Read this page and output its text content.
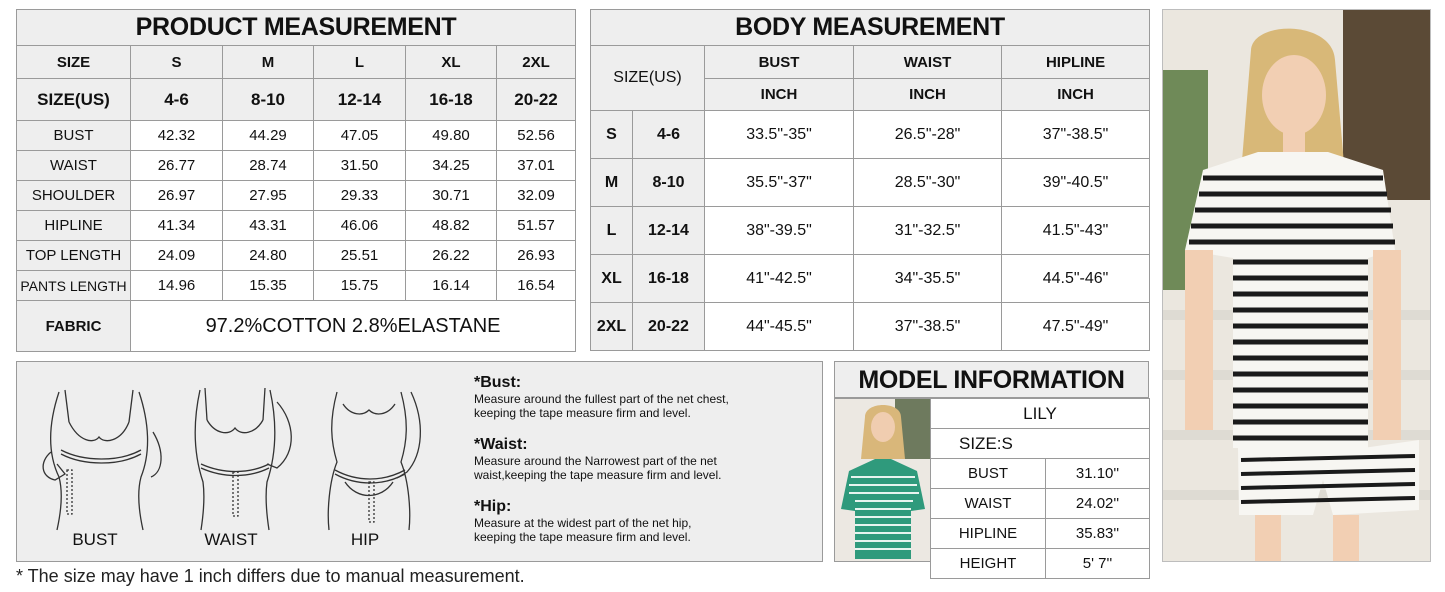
PRODUCT MEASUREMENT					
SIZE	S	M	L	XL	2XL
SIZE(US)	4-6	8-10	12-14	16-18	20-22
BUST	42.32	44.29	47.05	49.80	52.56
WAIST	26.77	28.74	31.50	34.25	37.01
SHOULDER	26.97	27.95	29.33	30.71	32.09
HIPLINE	41.34	43.31	46.06	48.82	51.57
TOP LENGTH	24.09	24.80	25.51	26.22	26.93
PANTS LENGTH	14.96	15.35	15.75	16.14	16.54
FABRIC	97.2%COTTON 2.8%ELASTANE				
BODY MEASUREMENT				
SIZE(US)		BUST	WAIST	HIPLINE
		INCH	INCH	INCH
S	4-6	33.5"-35"	26.5"-28"	37"-38.5"
M	8-10	35.5"-37"	28.5"-30"	39"-40.5"
L	12-14	38"-39.5"	31"-32.5"	41.5"-43"
XL	16-18	41"-42.5"	34"-35.5"	44.5"-46"
2XL	20-22	44"-45.5"	37"-38.5"	47.5"-49"
BUST	WAIST	HIP
*Bust:
Measure around the fullest part of the net chest,
keeping the tape measure firm and level.
*Waist:
Measure around the Narrowest part of the net
waist,keeping the tape measure firm and level.
*Hip:
Measure at the widest part of the net hip,
keeping the tape measure firm and level.
MODEL INFORMATION
LILY	
SIZE:S	
BUST	31.10''
WAIST	24.02''
HIPLINE	35.83''
HEIGHT	5' 7''
* The size may have 1 inch differs due to manual measurement.
